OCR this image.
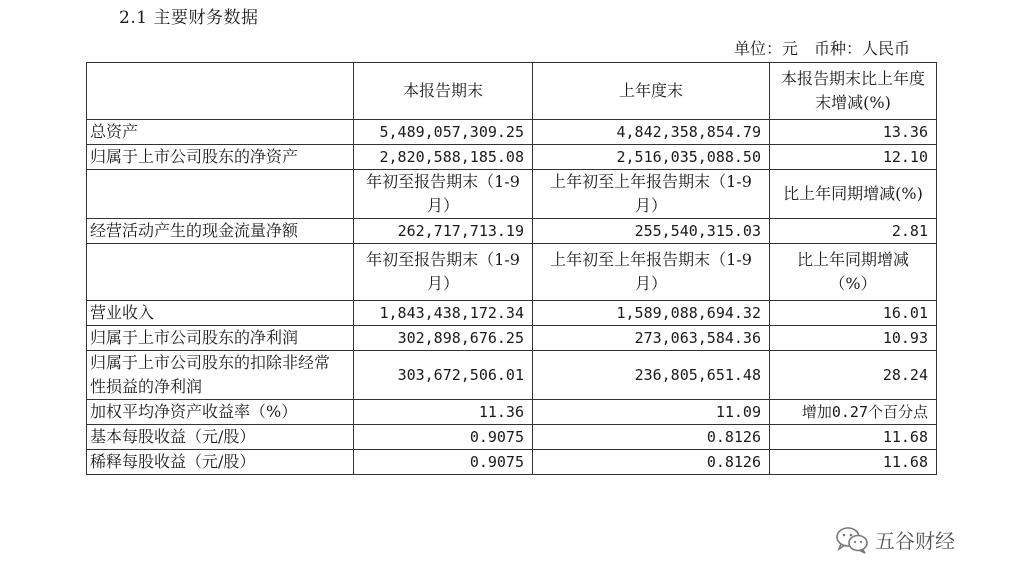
2.1 主要财务数据
单位：元　币种：人民币
	本报告期末	上年度末	本报告期末比上年度末增减(%)
总资产	5,489,057,309.25	4,842,358,854.79	13.36
归属于上市公司股东的净资产	2,820,588,185.08	2,516,035,088.50	12.10
	年初至报告期末（1-9月）	上年初至上年报告期末（1-9月）	比上年同期增减(%)
经营活动产生的现金流量净额	262,717,713.19	255,540,315.03	2.81
	年初至报告期末（1-9月）	上年初至上年报告期末（1-9月）	比上年同期增减（%）
营业收入	1,843,438,172.34	1,589,088,694.32	16.01
归属于上市公司股东的净利润	302,898,676.25	273,063,584.36	10.93
归属于上市公司股东的扣除非经常性损益的净利润	303,672,506.01	236,805,651.48	28.24
加权平均净资产收益率（%）	11.36	11.09	增加0.27个百分点
基本每股收益（元/股）	0.9075	0.8126	11.68
稀释每股收益（元/股）	0.9075	0.8126	11.68
五谷财经
